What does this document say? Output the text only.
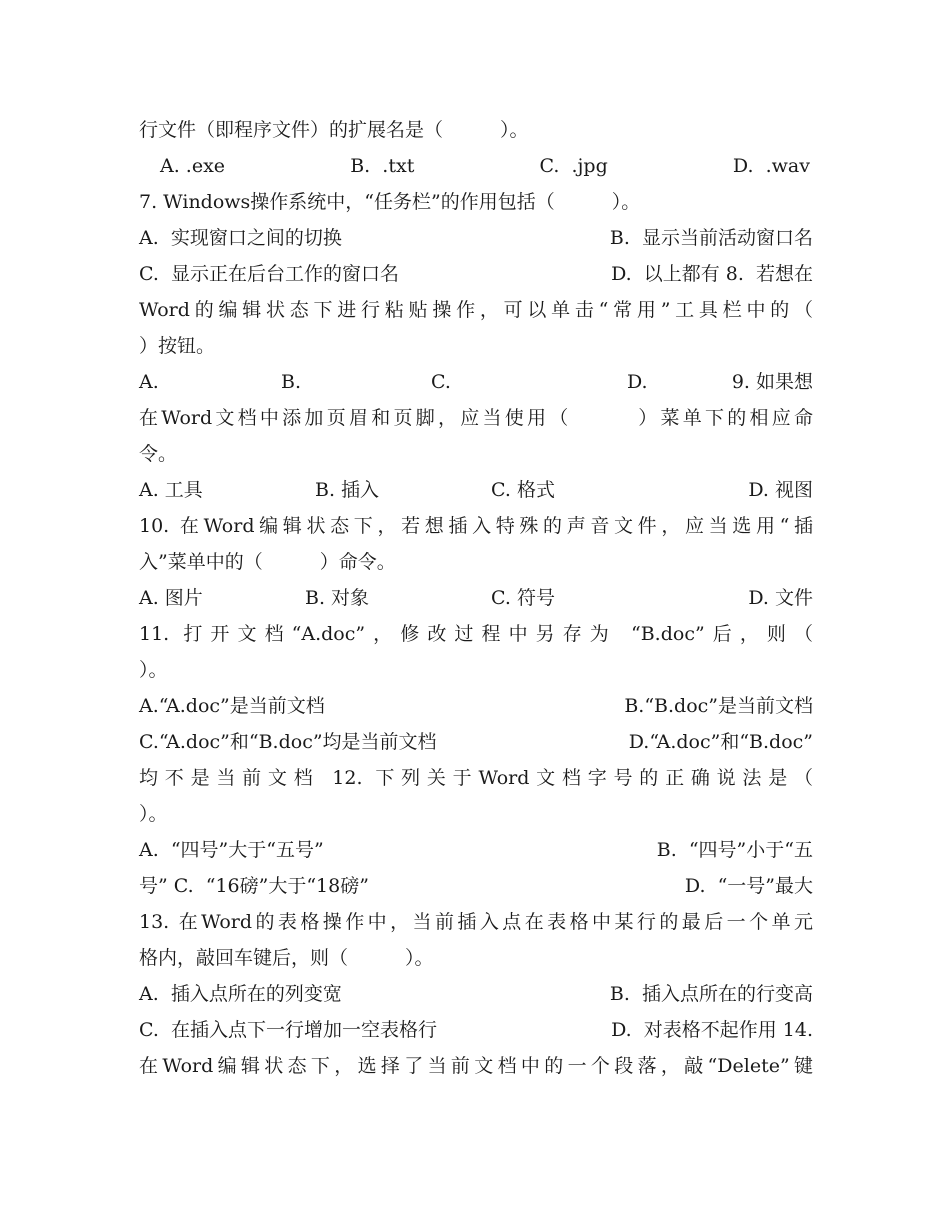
行文件（即程序文件）的扩展名是（　　　）。
A. .exe	B.  .txt	C.  .jpg	D.  .wav
7. Windows操作系统中，“任务栏”的作用包括（　　　）。
A.  实现窗口之间的切换	B.  显示当前活动窗口名
C.  显示正在后台工作的窗口名	D.  以上都有 8.  若想在
Word的编辑状态下进行粘贴操作，可以单击“常用”工具栏中的（
）按钮。
A.	B.	C.	D.	9. 如果想
在Word文档中添加页眉和页脚，应当使用（　　　）菜单下的相应命
令。
A. 工具	B. 插入	C. 格式	D. 视图
10. 在Word编辑状态下，若想插入特殊的声音文件，应当选用“插
入”菜单中的（　　　）命令。
A. 图片	B. 对象	C. 符号	D. 文件
11. 打开文档“A.doc”，修改过程中另存为 “B.doc”后，则（
）。
A.“A.doc”是当前文档	B.“B.doc”是当前文档
C.“A.doc”和“B.doc”均是当前文档	D.“A.doc”和“B.doc”
均不是当前文档 12. 下列关于Word文档字号的正确说法是（
）。
A.  “四号”大于“五号”	B.  “四号”小于“五
号” C.  “16磅”大于“18磅”	D.  “一号”最大
13. 在Word的表格操作中，当前插入点在表格中某行的最后一个单元
格内，敲回车键后，则（　　　）。
A.  插入点所在的列变宽	B.  插入点所在的行变高
C.  在插入点下一行增加一空表格行	D.  对表格不起作用 14.
在Word编辑状态下，选择了当前文档中的一个段落，敲“Delete”键
